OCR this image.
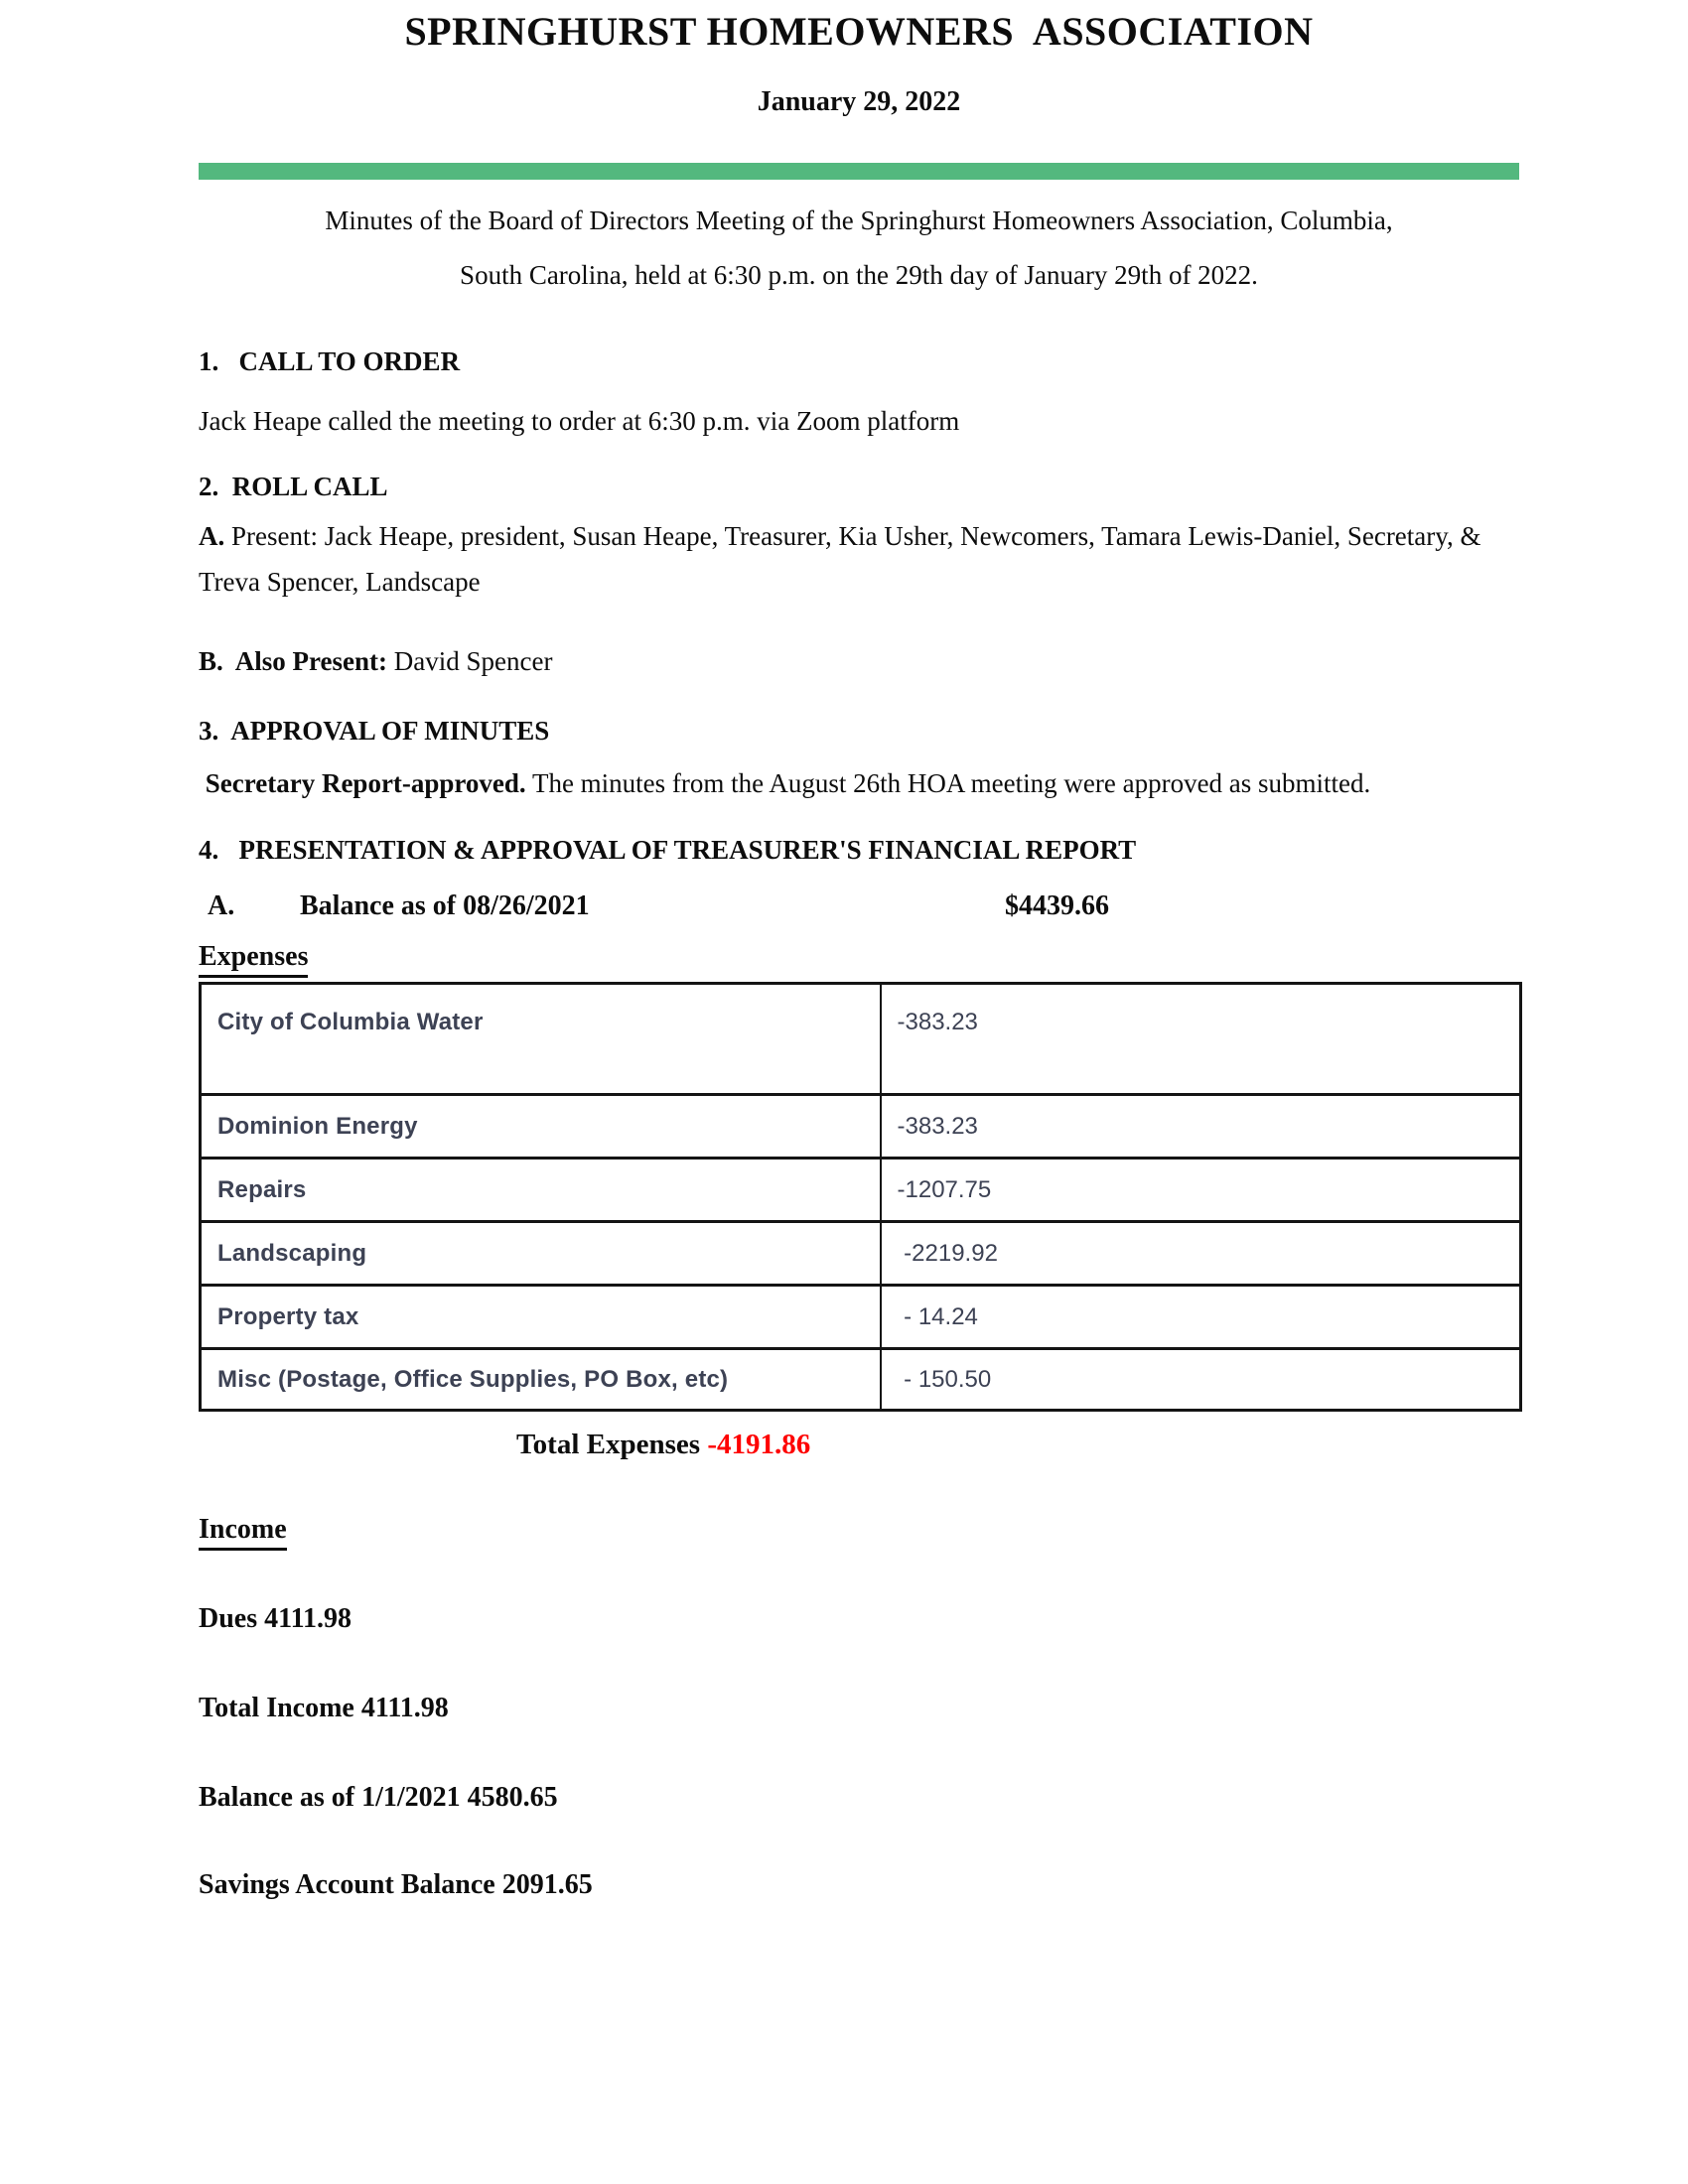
SPRINGHURST HOMEOWNERS  ASSOCIATION
January 29, 2022
Minutes of the Board of Directors Meeting of the Springhurst Homeowners Association, Columbia,
South Carolina, held at 6:30 p.m. on the 29th day of January 29th of 2022.
1.   CALL TO ORDER
Jack Heape called the meeting to order at 6:30 p.m. via Zoom platform
2.  ROLL CALL
A. Present: Jack Heape, president, Susan Heape, Treasurer, Kia Usher, Newcomers, Tamara Lewis-Daniel, Secretary, & Treva Spencer, Landscape
B.  Also Present: David Spencer
3.  APPROVAL OF MINUTES
Secretary Report-approved. The minutes from the August 26th HOA meeting were approved as submitted.
4.   PRESENTATION & APPROVAL OF TREASURER'S FINANCIAL REPORT
A. Balance as of 08/26/2021	$4439.66
Expenses
City of Columbia Water	-383.23
Dominion Energy	-383.23
Repairs	-1207.75
Landscaping	-2219.92
Property tax	- 14.24
Misc (Postage, Office Supplies, PO Box, etc)	- 150.50
Total Expenses -4191.86
Income
Dues 4111.98
Total Income 4111.98
Balance as of 1/1/2021 4580.65
Savings Account Balance 2091.65
